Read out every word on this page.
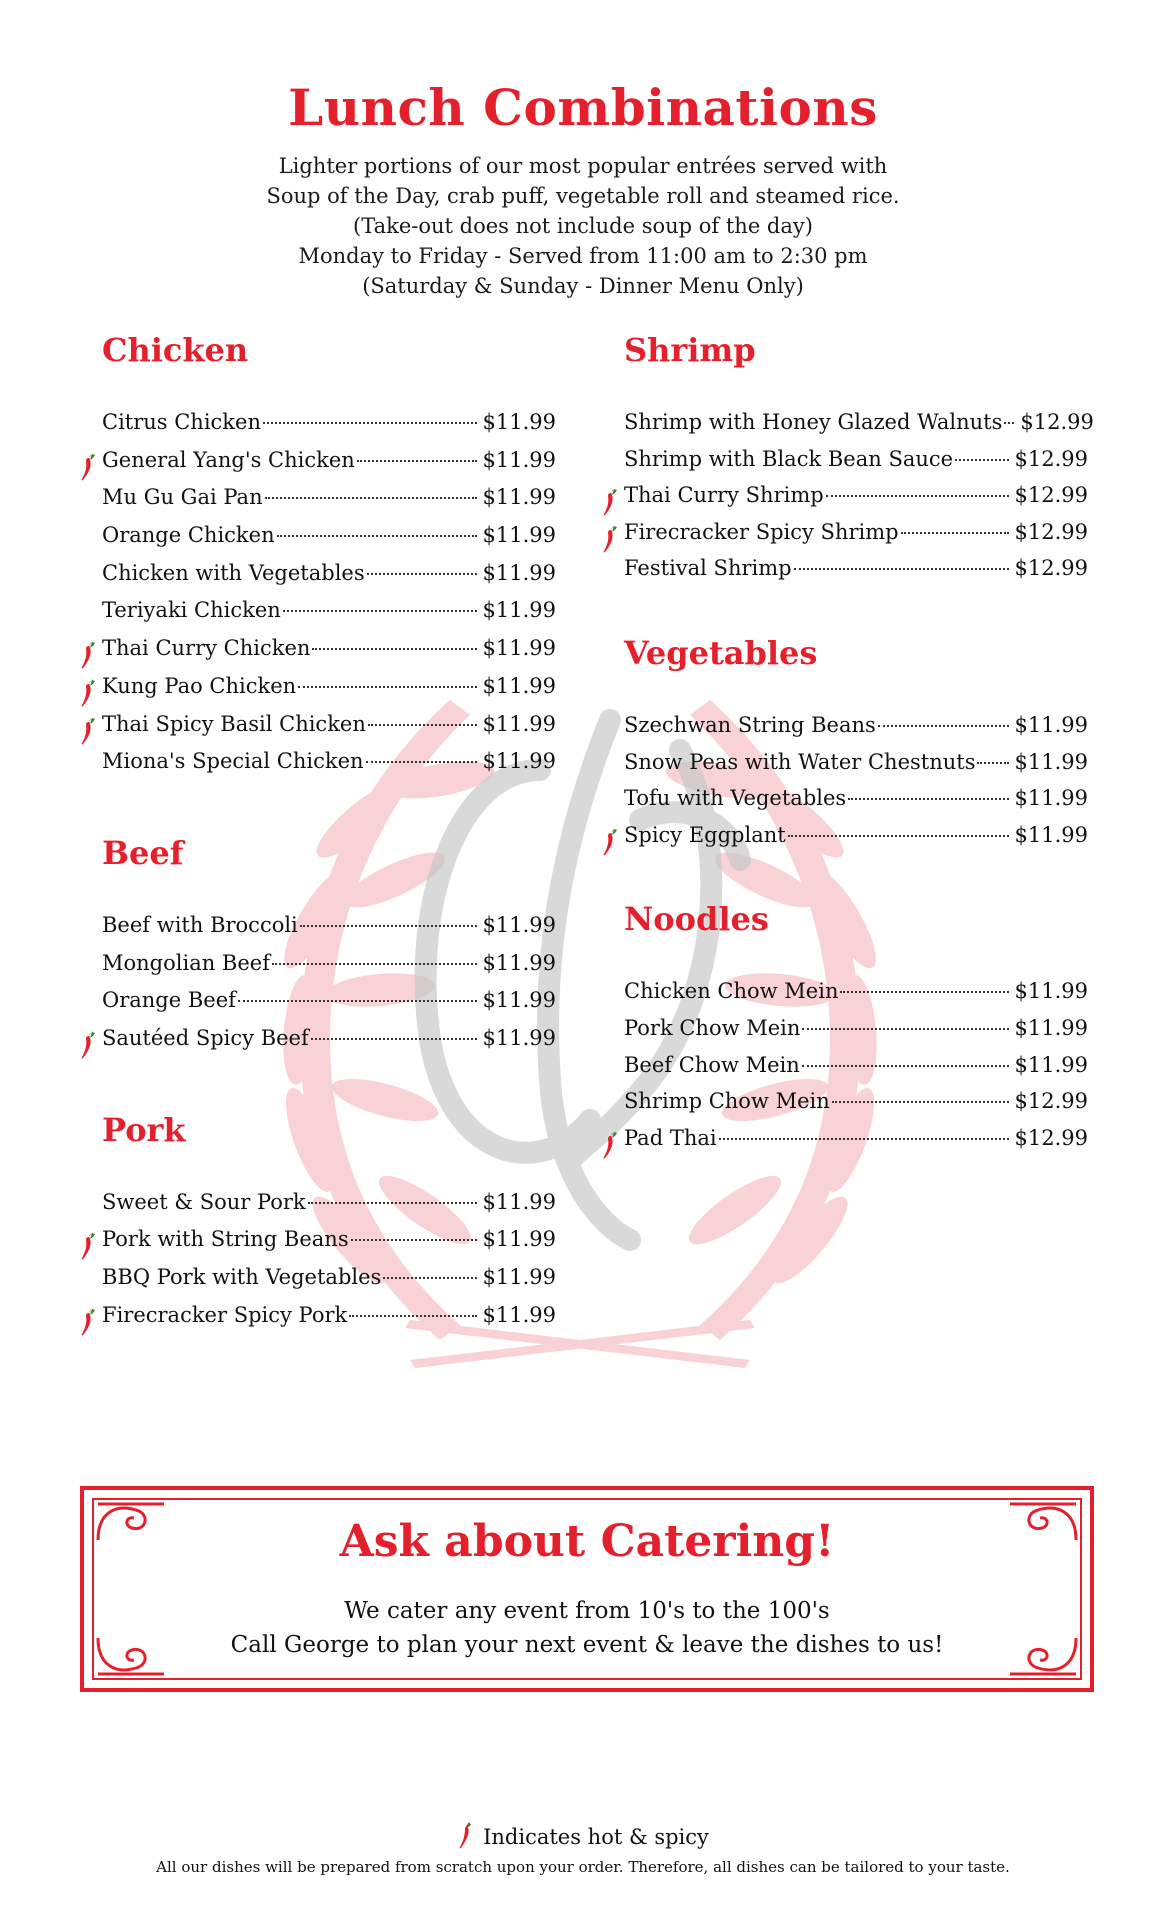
Lunch Combinations
Lighter portions of our most popular entrées served with
Soup of the Day, crab puff, vegetable roll and steamed rice.
(Take-out does not include soup of the day)
Monday to Friday - Served from 11:00 am to 2:30 pm
(Saturday & Sunday - Dinner Menu Only)
Chicken
Citrus Chicken	$11.99
General Yang's Chicken	$11.99
Mu Gu Gai Pan	$11.99
Orange Chicken	$11.99
Chicken with Vegetables	$11.99
Teriyaki Chicken	$11.99
Thai Curry Chicken	$11.99
Kung Pao Chicken	$11.99
Thai Spicy Basil Chicken	$11.99
Miona's Special Chicken	$11.99
Beef
Beef with Broccoli	$11.99
Mongolian Beef	$11.99
Orange Beef	$11.99
Sautéed Spicy Beef	$11.99
Pork
Sweet & Sour Pork	$11.99
Pork with String Beans	$11.99
BBQ Pork with Vegetables	$11.99
Firecracker Spicy Pork	$11.99
Shrimp
Shrimp with Honey Glazed Walnuts $12.99
Shrimp with Black Bean Sauce	$12.99
Thai Curry Shrimp	$12.99
Firecracker Spicy Shrimp	$12.99
Festival Shrimp	$12.99
Vegetables
Szechwan String Beans	$11.99
Snow Peas with Water Chestnuts $11.99
Tofu with Vegetables	$11.99
Spicy Eggplant	$11.99
Noodles
Chicken Chow Mein	$11.99
Pork Chow Mein	$11.99
Beef Chow Mein	$11.99
Shrimp Chow Mein	$12.99
Pad Thai	$12.99
Ask about Catering!
We cater any event from 10's to the 100's
Call George to plan your next event & leave the dishes to us!
Indicates hot & spicy
All our dishes will be prepared from scratch upon your order. Therefore, all dishes can be tailored to your taste.
